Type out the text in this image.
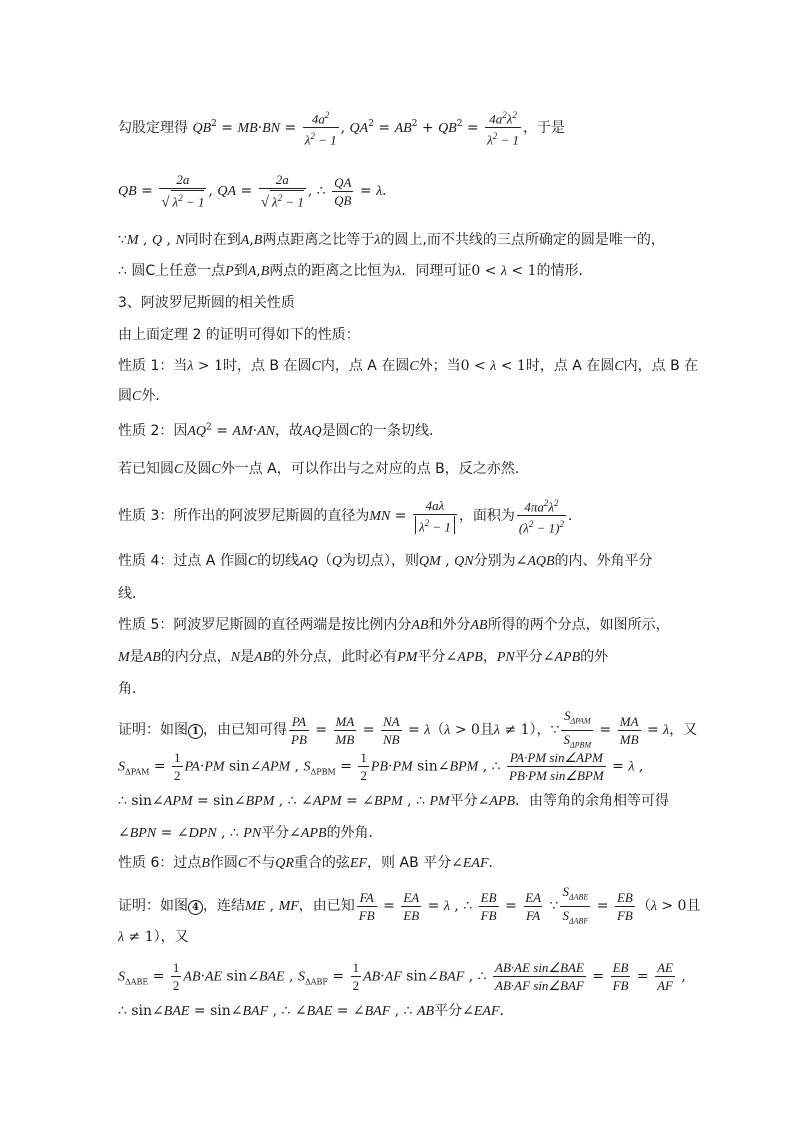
勾股定理得 $QB^2 = MB\cdot BN = \frac{4a^2}{\lambda^2 - 1}$ , $QA^2 = AB^2 + QB^2 = \frac{4a^2\lambda^2}{\lambda^2 - 1}$ ，于是
QB = $\frac{2a}{√ \lambda^2 - 1}$ , QA = $\frac{2a}{√ \lambda^2 - 1}$ , ∴ $\frac{QA}{QB} = \lambda$．
∵M , Q , N同时在到A,B两点距离之比等于λ的圆上,而不共线的三点所确定的圆是唯一的，
∴ 圆C上任意一点P到A,B两点的距离之比恒为λ．同理可证0 < λ < 1的情形．
3、阿波罗尼斯圆的相关性质
由上面定理 2 的证明可得如下的性质：
性质 1：当λ > 1时，点 B 在圆C内，点 A 在圆C外；当0 < λ < 1时，点 A 在圆C内，点 B 在
圆C外．
性质 2：因$AQ^2 = AM\cdot AN$，故AQ是圆C的一条切线．
若已知圆C及圆C外一点 A，可以作出与之对应的点 B，反之亦然．
性质 3：所作出的阿波罗尼斯圆的直径为MN = $\frac{4a\lambda}{\lambda^2 - 1}$ ，面积为 $\frac{4\pi a^2\lambda^2}{(\lambda^2 - 1)^2}$ ．
性质 4：过点 A 作圆C的切线AQ（Q为切点），则QM , QN分别为∠AQB的内、外角平分
线．
性质 5：阿波罗尼斯圆的直径两端是按比例内分AB和外分AB所得的两个分点，如图所示，
M是AB的内分点，N是AB的外分点，此时必有PM平分∠APB，PN平分∠APB的外
角．
证明：如图 1 ，由已知可得 $\frac{PA}{PB} = \frac{MA}{MB} = \frac{NA}{NB} = \lambda(\lambda > 0$且λ ≠ 1），∵ $\frac{S_{\Delta PAM}}{S_{\Delta PBM}} = \frac{MA}{MB} = \lambda$，又
$S_{\Delta PAM} = \frac{1}{2} PA\cdot PM$ sin∠APM , $S_{\Delta PBM} = \frac{1}{2} PB\cdot PM$ sin∠BPM , ∴ $\frac{\text{PA·PM sin∠APM}}{\text{PB·PM sin∠BPM}} = \lambda$ ,
∴ sin∠APM = sin∠BPM , ∴ ∠APM = ∠BPM , ∴ PM平分∠APB．由等角的余角相等可得
∠BPN = ∠DPN , ∴ PN平分∠APB的外角．
性质 6：过点B作圆C不与QR重合的弦EF，则 AB 平分∠EAF．
证明：如图 4 ，连结ME , MF，由已知 $\frac{FA}{FB} = \frac{EA}{EB} = \lambda$ , ∴ $\frac{EB}{FB} = \frac{EA}{FA}$ ∵ $\frac{S_{\Delta ABE}}{S_{\Delta ABF}} = \frac{EB}{FB} (\lambda > 0$且
λ ≠ 1），又
$S_{\Delta ABE} = \frac{1}{2} AB\cdot AE$ sin∠BAE , $S_{\Delta ABF} = \frac{1}{2} AB\cdot AF$ sin∠BAF , ∴ $\frac{\text{AB·AE sin∠BAE}}{\text{AB·AF sin∠BAF}} = \frac{EB}{FB} = \frac{AE}{AF}$ ,
∴ sin∠BAE = sin∠BAF , ∴ ∠BAE = ∠BAF , ∴ AB平分∠EAF．
